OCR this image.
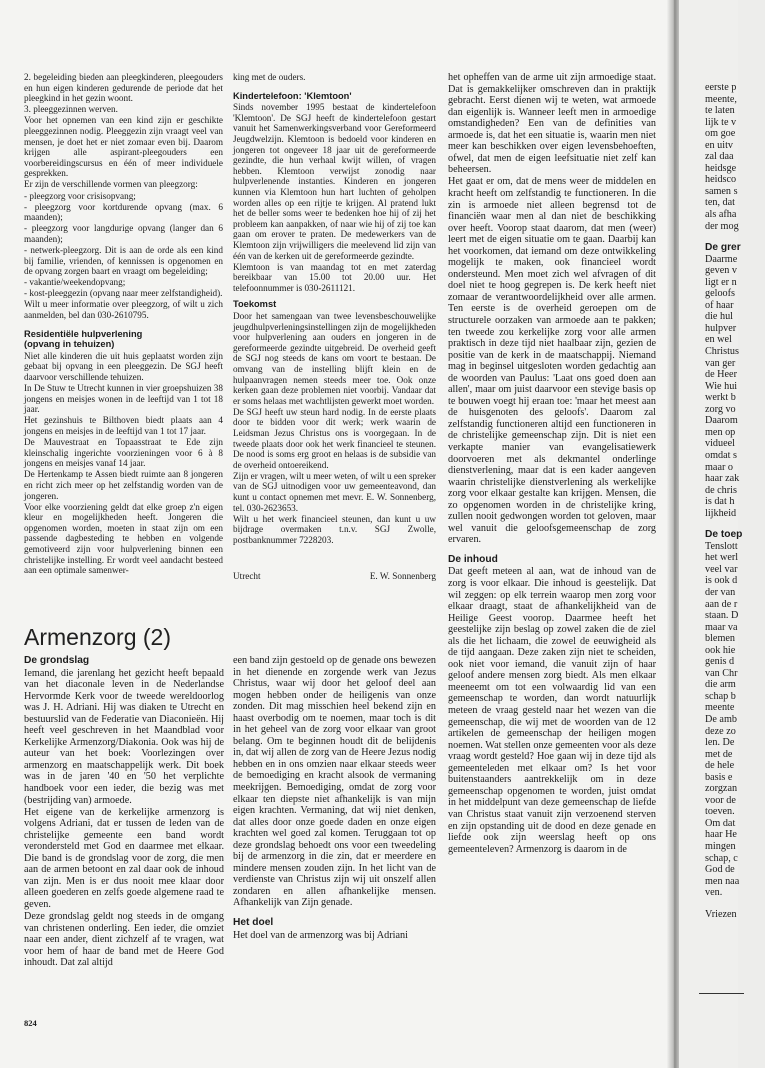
2. begeleiding bieden aan pleegkinderen, pleegouders en hun eigen kinderen gedurende de periode dat het pleegkind in het gezin woont.

3. pleeggezinnen werven.

Voor het opnemen van een kind zijn er geschikte pleeggezinnen nodig. Pleeggezin zijn vraagt veel van mensen, je doet het er niet zomaar even bij. Daarom krijgen alle aspirant-pleegouders een voorbereidingscursus en één of meer individuele gesprekken.

Er zijn de verschillende vormen van pleegzorg:

- pleegzorg voor crisisopvang;

- pleegzorg voor kortdurende opvang (max. 6 maanden);

- pleegzorg voor langdurige opvang (langer dan 6 maanden);

- netwerk-pleegzorg. Dit is aan de orde als een kind bij familie, vrienden, of kennissen is opgenomen en de opvang zorgen baart en vraagt om begeleiding;

- vakantie/weekendopvang;

- kost-pleeggezin (opvang naar meer zelfstandigheid).

Wilt u meer informatie over pleegzorg, of wilt u zich aanmelden, bel dan 030-2610795.

Residentiële hulpverlening
(opvang in tehuizen)

Niet alle kinderen die uit huis geplaatst worden zijn gebaat bij opvang in een pleeggezin. De SGJ heeft daarvoor verschillende tehuizen.

In De Stuw te Utrecht kunnen in vier groepshuizen 38 jongens en meisjes wonen in de leeftijd van 1 tot 18 jaar.

Het gezinshuis te Bilthoven biedt plaats aan 4 jongens en meisjes in de leeftijd van 1 tot 17 jaar.

De Mauvestraat en Topaasstraat te Ede zijn kleinschalig ingerichte voorzieningen voor 6 à 8 jongens en meisjes vanaf 14 jaar.

De Hertenkamp te Assen biedt ruimte aan 8 jongeren en richt zich meer op het zelfstandig worden van de jongeren.

Voor elke voorziening geldt dat elke groep z'n eigen kleur en mogelijkheden heeft. Jongeren die opgenomen worden, moeten in staat zijn om een passende dagbesteding te hebben en volgende gemotiveerd zijn voor hulpverlening binnen een christelijke instelling. Er wordt veel aandacht besteed aan een optimale samenwer-

king met de ouders.

Kindertelefoon: 'Klemtoon'

Sinds november 1995 bestaat de kindertelefoon 'Klemtoon'. De SGJ heeft de kindertelefoon gestart vanuit het Samenwerkingsverband voor Gereformeerd Jeugdwelzijn. Klemtoon is bedoeld voor kinderen en jongeren tot ongeveer 18 jaar uit de gereformeerde gezindte, die hun verhaal kwijt willen, of vragen hebben. Klemtoon verwijst zonodig naar hulpverlenende instanties. Kinderen en jongeren kunnen via Klemtoon hun hart luchten of geholpen worden alles op een rijtje te krijgen. Al pratend lukt het de beller soms weer te bedenken hoe hij of zij het probleem kan aanpakken, of naar wie hij of zij toe kan gaan om erover te praten. De medewerkers van de Klemtoon zijn vrijwilligers die meelevend lid zijn van één van de kerken uit de gereformeerde gezindte.

Klemtoon is van maandag tot en met zaterdag bereikbaar van 15.00 tot 20.00 uur. Het telefoonnummer is 030-2611121.

Toekomst

Door het samengaan van twee levensbeschouwelijke jeugdhulpverleningsinstellingen zijn de mogelijkheden voor hulpverlening aan ouders en jongeren in de gereformeerde gezindte uitgebreid. De overheid geeft de SGJ nog steeds de kans om voort te bestaan. De omvang van de instelling blijft klein en de hulpaanvragen nemen steeds meer toe. Ook onze kerken gaan deze problemen niet voorbij. Vandaar dat er soms helaas met wachtlijsten gewerkt moet worden.

De SGJ heeft uw steun hard nodig. In de eerste plaats door te bidden voor dit werk; werk waarin de Leidsman Jezus Christus ons is voorgegaan. In de tweede plaats door ook het werk financieel te steunen. De nood is soms erg groot en helaas is de subsidie van de overheid ontoereikend.

Zijn er vragen, wilt u meer weten, of wilt u een spreker van de SGJ uitnodigen voor uw gemeenteavond, dan kunt u contact opnemen met mevr. E. W. Sonnenberg, tel. 030-2623653.

Wilt u het werk financieel steunen, dan kunt u uw bijdrage overmaken t.n.v. SGJ Zwolle, postbanknummer 7228203.

Utrecht	E. W. Sonnenberg

het opheffen van de arme uit zijn armoedige staat. Dat is gemakkelijker omschreven dan in praktijk gebracht. Eerst dienen wij te weten, wat armoede dan eigenlijk is. Wanneer leeft men in armoedige omstandigheden? Een van de definities van armoede is, dat het een situatie is, waarin men niet meer kan beschikken over eigen levensbehoeften, ofwel, dat men de eigen leefsituatie niet zelf kan beheersen.

Het gaat er om, dat de mens weer de middelen en kracht heeft om zelfstandig te functioneren. In die zin is armoede niet alleen begrensd tot de financiën waar men al dan niet de beschikking over heeft. Voorop staat daarom, dat men (weer) leert met de eigen situatie om te gaan. Daarbij kan het voorkomen, dat iemand om deze ontwikkeling mogelijk te maken, ook financieel wordt ondersteund. Men moet zich wel afvragen of dit doel niet te hoog gegrepen is. De kerk heeft niet zomaar de verantwoordelijkheid over alle armen. Ten eerste is de overheid geroepen om de structurele oorzaken van armoede aan te pakken; ten tweede zou kerkelijke zorg voor alle armen praktisch in deze tijd niet haalbaar zijn, gezien de positie van de kerk in de maatschappij. Niemand mag in beginsel uitgesloten worden gedachtig aan de woorden van Paulus: 'Laat ons goed doen aan allen', maar om juist daarvoor een stevige basis op te bouwen voegt hij eraan toe: 'maar het meest aan de huisgenoten des geloofs'. Daarom zal zelfstandig functioneren altijd een functioneren in de christelijke gemeenschap zijn. Dit is niet een verkapte manier van evangelisatiewerk doorvoeren met als dekmantel onderlinge dienstverlening, maar dat is een kader aangeven waarin christelijke dienstverlening als werkelijke zorg voor elkaar gestalte kan krijgen. Mensen, die zo opgenomen worden in de christelijke kring, zullen nooit gedwongen worden tot geloven, maar wel vanuit die geloofsgemeenschap de zorg ervaren.

De inhoud

Dat geeft meteen al aan, wat de inhoud van de zorg is voor elkaar. Die inhoud is geestelijk. Dat wil zeggen: op elk terrein waarop men zorg voor elkaar draagt, staat de afhankelijkheid van de Heilige Geest voorop. Daarmee heeft het geestelijke zijn beslag op zowel zaken die de ziel als die het lichaam, die zowel de eeuwigheid als de tijd aangaan. Deze zaken zijn niet te scheiden, ook niet voor iemand, die vanuit zijn of haar geloof andere mensen zorg biedt. Als men elkaar meeneemt om tot een volwaardig lid van een gemeenschap te worden, dan wordt natuurlijk meteen de vraag gesteld naar het wezen van die gemeenschap, die wij met de woorden van de 12 artikelen de gemeenschap der heiligen mogen noemen. Wat stellen onze gemeenten voor als deze vraag wordt gesteld? Hoe gaan wij in deze tijd als gemeenteleden met elkaar om? Is het voor buitenstaanders aantrekkelijk om in deze gemeenschap opgenomen te worden, juist omdat in het middelpunt van deze gemeenschap de liefde van Christus staat vanuit zijn verzoenend sterven en zijn opstanding uit de dood en deze genade en liefde ook zijn weerslag heeft op ons gemeenteleven? Armenzorg is daarom in de

Armenzorg (2)
De grondslag

Iemand, die jarenlang het gezicht heeft bepaald van het diaconale leven in de Nederlandse Hervormde Kerk voor de tweede wereldoorlog was J. H. Adriani. Hij was diaken te Utrecht en bestuurslid van de Federatie van Diaconieën. Hij heeft veel geschreven in het Maandblad voor Kerkelijke Armenzorg/Diakonia. Ook was hij de auteur van het boek: Voorlezingen over armenzorg en maatschappelijk werk. Dit boek was in de jaren '40 en '50 het verplichte handboek voor een ieder, die bezig was met (bestrijding van) armoede.

Het eigene van de kerkelijke armenzorg is volgens Adriani, dat er tussen de leden van de christelijke gemeente een band wordt verondersteld met God en daarmee met elkaar. Die band is de grondslag voor de zorg, die men aan de armen betoont en zal daar ook de inhoud van zijn. Men is er dus nooit mee klaar door alleen goederen en zelfs goede algemene raad te geven.

Deze grondslag geldt nog steeds in de omgang van christenen onderling. Een ieder, die omziet naar een ander, dient zichzelf af te vragen, wat voor hem of haar de band met de Heere God inhoudt. Dat zal altijd

een band zijn gestoeld op de genade ons bewezen in het dienende en zorgende werk van Jezus Christus, waar wij door het geloof deel aan mogen hebben onder de heiligenis van onze zonden. Dit mag misschien heel bekend zijn en haast overbodig om te noemen, maar toch is dit in het geheel van de zorg voor elkaar van groot belang. Om te beginnen houdt dit de belijdenis in, dat wij allen de zorg van de Heere Jezus nodig hebben en in ons omzien naar elkaar steeds weer de bemoediging en kracht alsook de vermaning meekrijgen. Bemoediging, omdat de zorg voor elkaar ten diepste niet afhankelijk is van mijn eigen krachten. Vermaning, dat wij niet denken, dat alles door onze goede daden en onze eigen krachten wel goed zal komen. Teruggaan tot op deze grondslag behoedt ons voor een tweedeling bij de armenzorg in die zin, dat er meerdere en mindere mensen zouden zijn. In het licht van de verdienste van Christus zijn wij uit onszelf allen zondaren en allen afhankelijke mensen. Afhankelijk van Zijn genade.

Het doel

Het doel van de armenzorg was bij Adriani

824
eerste p
meente,
te laten
lijk te v
om goe
en uitv
zal daa
heidsge
heidsco
samen s
ten, dat
als afha
der mog
De grer
Daarme
geven v
ligt er n
geloofs
of haar
die hul
hulpver
en wel
Christus
van ger
de Heer
Wie hui
werkt b
zorg vo
Daarom
men op
vidueel
omdat s
maar o
haar zak
de chris
is dat h
lijkheid
De toep
Tenslott
het werl
veel var
is ook d
der van
aan de r
staan. D
maar va
blemen
ook hie
genis d
van Chr
die arm
schap b
meente
De amb
deze zo
len. De
met de
de hele
basis e
zorgzan
voor de
toeven.
Om dat
haar He
mingen
schap, c
God de
men naa
ven.
Vriezen
